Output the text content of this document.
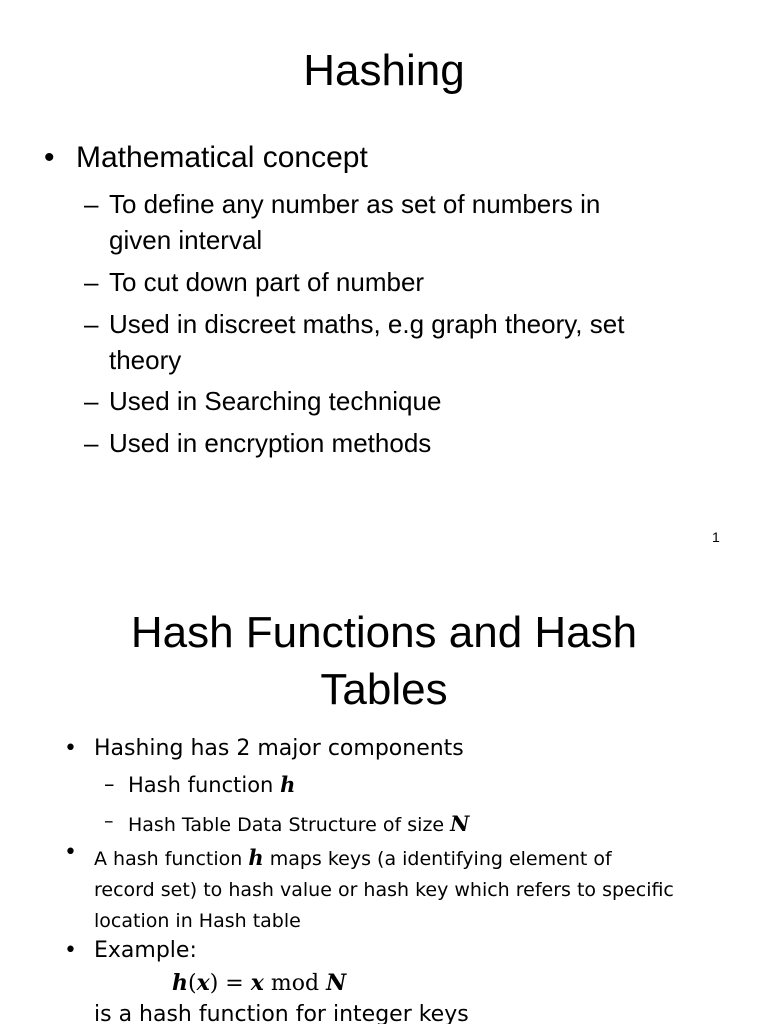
Hashing
• Mathematical concept
– To define any number as set of numbers in
given interval
– To cut down part of number
– Used in discreet maths, e.g graph theory, set
theory
– Used in Searching technique
– Used in encryption methods
1
Hash Functions and Hash
Tables
• Hashing has 2 major components
– Hash function h
– Hash Table Data Structure of size N
• A hash function h maps keys (a identifying element of
record set) to hash value or hash key which refers to specific
location in Hash table
• Example:
h(x) = x mod N
is a hash function for integer keys
